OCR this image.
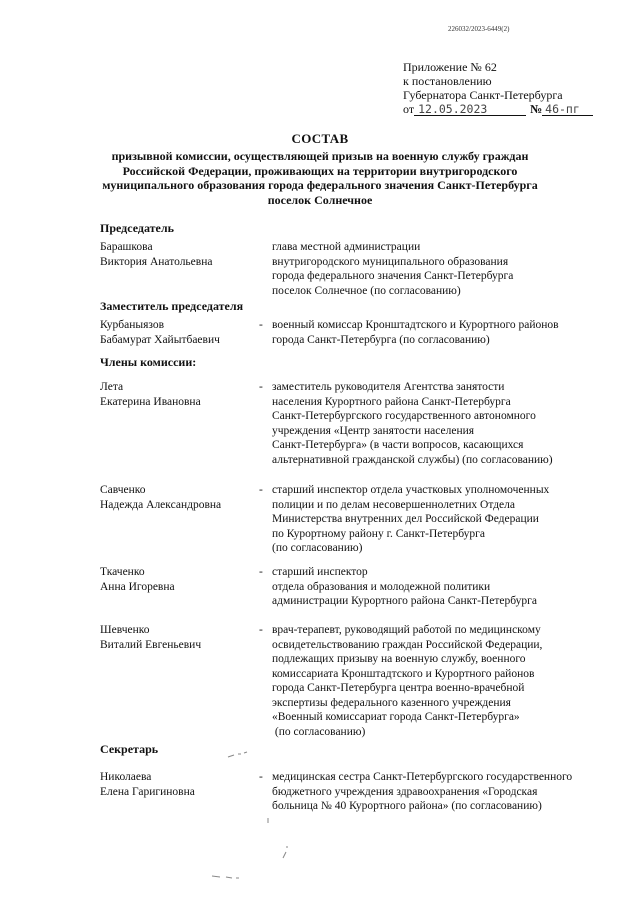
226032/2023-6449(2)
Приложение № 62
к постановлению
Губернатора Санкт-Петербурга
от 12.05.2023	№ 46-пг
СОСТАВ
призывной комиссии, осуществляющей призыв на военную службу граждан Российской Федерации, проживающих на территории внутригородского муниципального образования города федерального значения Санкт-Петербурга поселок Солнечное
Председатель
Барашкова
Виктория Анатольевна
глава местной администрации
внутригородского муниципального образования
города федерального значения Санкт-Петербурга
поселок Солнечное (по согласованию)
Заместитель председателя
Курбаныязов
Бабамурат Хайытбаевич
- военный комиссар Кронштадтского и Курортного районов
города Санкт-Петербурга (по согласованию)
Члены комиссии:
Лета
Екатерина Ивановна
- заместитель руководителя Агентства занятости
населения Курортного района Санкт-Петербурга
Санкт-Петербургского государственного автономного
учреждения «Центр занятости населения
Санкт-Петербурга» (в части вопросов, касающихся
альтернативной гражданской службы) (по согласованию)
Савченко
Надежда Александровна
- старший инспектор отдела участковых уполномоченных
полиции и по делам несовершеннолетних Отдела
Министерства внутренних дел Российской Федерации
по Курортному району г. Санкт-Петербурга
(по согласованию)
Ткаченко
Анна Игоревна
- старший инспектор
отдела образования и молодежной политики
администрации Курортного района Санкт-Петербурга
Шевченко
Виталий Евгеньевич
- врач-терапевт, руководящий работой по медицинскому
освидетельствованию граждан Российской Федерации,
подлежащих призыву на военную службу, военного
комиссариата Кронштадтского и Курортного районов
города Санкт-Петербурга центра военно-врачебной
экспертизы федерального казенного учреждения
«Военный комиссариат города Санкт-Петербурга»
(по согласованию)
Секретарь
Николаева
Елена Гаригиновна
- медицинская сестра Санкт-Петербургского государственного
бюджетного учреждения здравоохранения «Городская
больница № 40 Курортного района» (по согласованию)
